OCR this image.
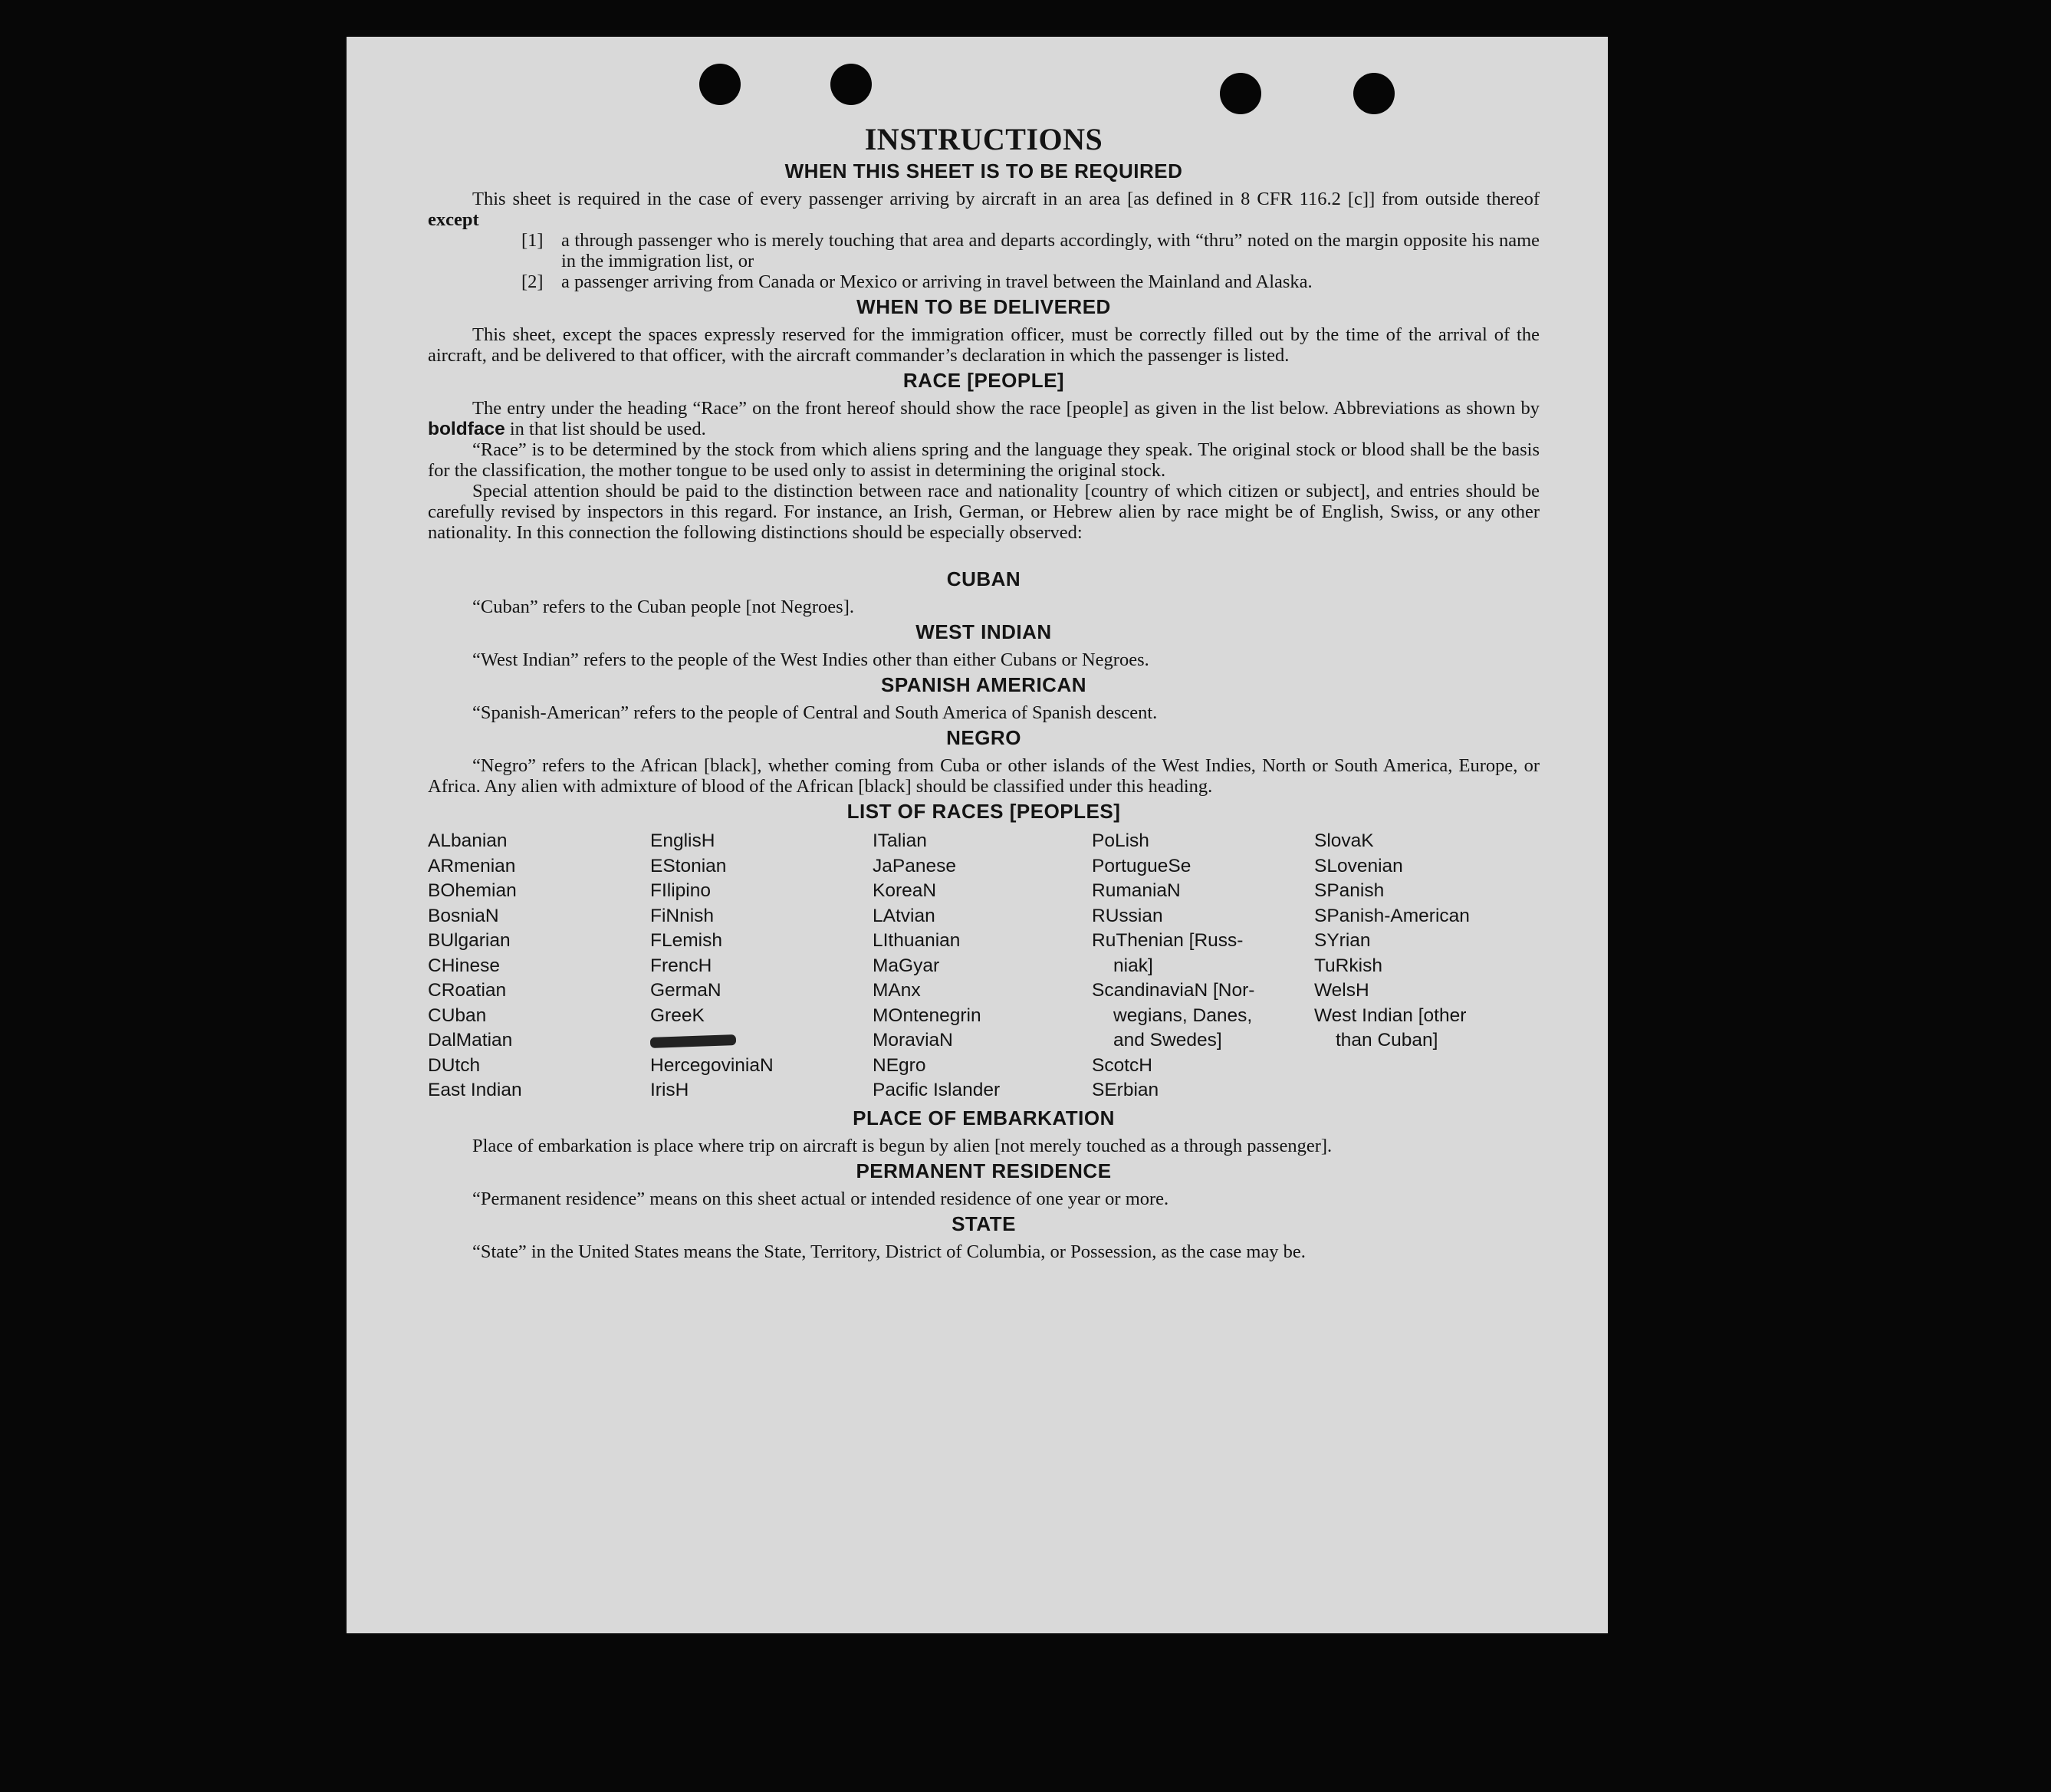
INSTRUCTIONS
WHEN THIS SHEET IS TO BE REQUIRED

This sheet is required in the case of every passenger arriving by aircraft in an area [as defined in 8 CFR 116.2 [c]] from outside thereof except

[1] a through passenger who is merely touching that area and departs accordingly, with “thru” noted on the margin opposite his name in the immigration list, or
[2] a passenger arriving from Canada or Mexico or arriving in travel between the Mainland and Alaska.
WHEN TO BE DELIVERED

This sheet, except the spaces expressly reserved for the immigration officer, must be correctly filled out by the time of the arrival of the aircraft, and be delivered to that officer, with the aircraft commander’s declaration in which the passenger is listed.

RACE [PEOPLE]

The entry under the heading “Race” on the front hereof should show the race [people] as given in the list below. Abbreviations as shown by boldface in that list should be used.

“Race” is to be determined by the stock from which aliens spring and the language they speak. The original stock or blood shall be the basis for the classification, the mother tongue to be used only to assist in determining the original stock.

Special attention should be paid to the distinction between race and nationality [country of which citizen or subject], and entries should be carefully revised by inspectors in this regard. For instance, an Irish, German, or Hebrew alien by race might be of English, Swiss, or any other nationality. In this connection the following distinctions should be especially observed:

CUBAN

“Cuban” refers to the Cuban people [not Negroes].

WEST INDIAN

“West Indian” refers to the people of the West Indies other than either Cubans or Negroes.

SPANISH AMERICAN

“Spanish-American” refers to the people of Central and South America of Spanish descent.

NEGRO

“Negro” refers to the African [black], whether coming from Cuba or other islands of the West Indies, North or South America, Europe, or Africa. Any alien with admixture of blood of the African [black] should be classified under this heading.

LIST OF RACES [PEOPLES]
ALbanian
ARmenian
BOhemian
BosniaN
BUlgarian
CHinese
CRoatian
CUban
DalMatian
DUtch
East Indian
EnglisH
EStonian
FIlipino
FiNnish
FLemish
FrencH
GermaN
GreeK
HercegoviniaN
IrisH
ITalian
JaPanese
KoreaN
LAtvian
LIthuanian
MaGyar
MAnx
MOntenegrin
MoraviaN
NEgro
Pacific Islander
PoLish
PortugueSe
RumaniaN
RUssian
RuThenian [Russ-
niak]
ScandinaviaN [Nor-
wegians, Danes,
and Swedes]
ScotcH
SErbian
SlovaK
SLovenian
SPanish
SPanish-American
SYrian
TuRkish
WelsH
West Indian [other
than Cuban]
PLACE OF EMBARKATION

Place of embarkation is place where trip on aircraft is begun by alien [not merely touched as a through passenger].

PERMANENT RESIDENCE

“Permanent residence” means on this sheet actual or intended residence of one year or more.

STATE

“State” in the United States means the State, Territory, District of Columbia, or Possession, as the case may be.
